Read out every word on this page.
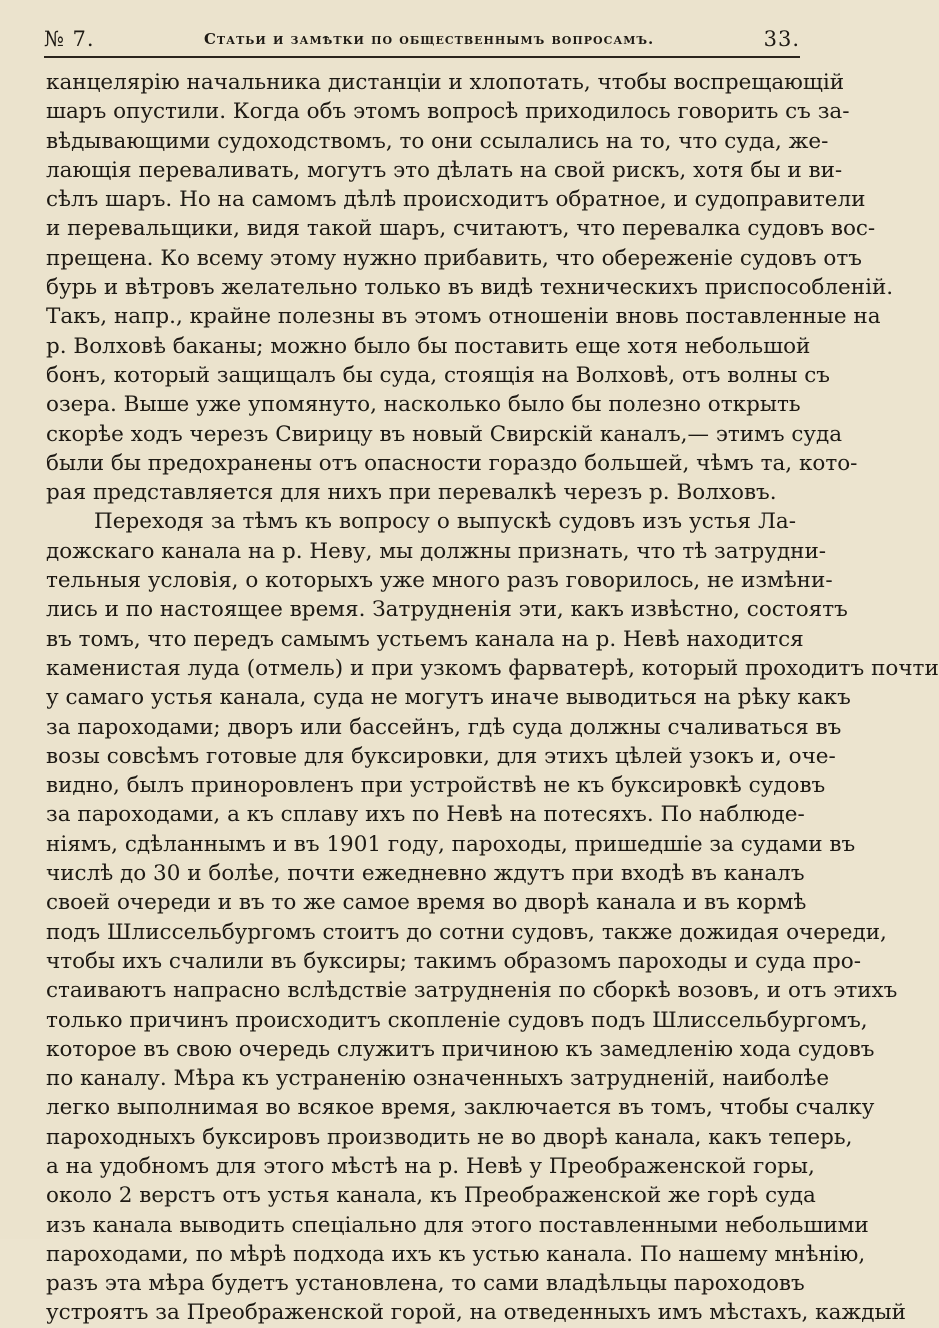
№ 7.	Статьи и замѣтки по общественнымъ вопросамъ.	33.
канцелярію начальника дистанціи и хлопотать, чтобы воспрещающій
шаръ опустили. Когда объ этомъ вопросѣ приходилось говорить съ за-
вѣдывающими судоходствомъ, то они ссылались на то, что суда, же-
лающія переваливать, могутъ это дѣлать на свой рискъ, хотя бы и ви-
сѣлъ шаръ. Но на самомъ дѣлѣ происходитъ обратное, и судоправители
и перевальщики, видя такой шаръ, считаютъ, что перевалка судовъ вос-
прещена. Ко всему этому нужно прибавить, что обереженіе судовъ отъ
бурь и вѣтровъ желательно только въ видѣ техническихъ приспособленій.
Такъ, напр., крайне полезны въ этомъ отношеніи вновь поставленные на
р. Волховѣ баканы; можно было бы поставить еще хотя небольшой
бонъ, который защищалъ бы суда, стоящія на Волховѣ, отъ волны съ
озера. Выше уже упомянуто, насколько было бы полезно открыть
скорѣе ходъ черезъ Свирицу въ новый Свирскій каналъ,— этимъ суда
были бы предохранены отъ опасности гораздо большей, чѣмъ та, кото-
рая представляется для нихъ при перевалкѣ черезъ р. Волховъ.
Переходя за тѣмъ къ вопросу о выпускѣ судовъ изъ устья Ла-
дожскаго канала на р. Неву, мы должны признать, что тѣ затрудни-
тельныя условія, о которыхъ уже много разъ говорилось, не измѣни-
лись и по настоящее время. Затрудненія эти, какъ извѣстно, состоятъ
въ томъ, что передъ самымъ устьемъ канала на р. Невѣ находится
каменистая луда (отмель) и при узкомъ фарватерѣ, который проходитъ почти
у самаго устья канала, суда не могутъ иначе выводиться на рѣку какъ
за пароходами; дворъ или бассейнъ, гдѣ суда должны счаливаться въ
возы совсѣмъ готовые для буксировки, для этихъ цѣлей узокъ и, оче-
видно, былъ приноровленъ при устройствѣ не къ буксировкѣ судовъ
за пароходами, а къ сплаву ихъ по Невѣ на потесяхъ. По наблюде-
ніямъ, сдѣланнымъ и въ 1901 году, пароходы, пришедшіе за судами въ
числѣ до 30 и болѣе, почти ежедневно ждутъ при входѣ въ каналъ
своей очереди и въ то же самое время во дворѣ канала и въ кормѣ
подъ Шлиссельбургомъ стоитъ до сотни судовъ, также дожидая очереди,
чтобы ихъ счалили въ буксиры; такимъ образомъ пароходы и суда про-
стаиваютъ напрасно вслѣдствіе затрудненія по сборкѣ возовъ, и отъ этихъ
только причинъ происходитъ скопленіе судовъ подъ Шлиссельбургомъ,
которое въ свою очередь служитъ причиною къ замедленію хода судовъ
по каналу. Мѣра къ устраненію означенныхъ затрудненій, наиболѣе
легко выполнимая во всякое время, заключается въ томъ, чтобы счалку
пароходныхъ буксировъ производить не во дворѣ канала, какъ теперь,
а на удобномъ для этого мѣстѣ на р. Невѣ у Преображенской горы,
около 2 верстъ отъ устья канала, къ Преображенской же горѣ суда
изъ канала выводить спеціально для этого поставленными небольшими
пароходами, по мѣрѣ подхода ихъ къ устью канала. По нашему мнѣнію,
разъ эта мѣра будетъ установлена, то сами владѣльцы пароходовъ
устроятъ за Преображенской горой, на отведенныхъ имъ мѣстахъ, каждый
